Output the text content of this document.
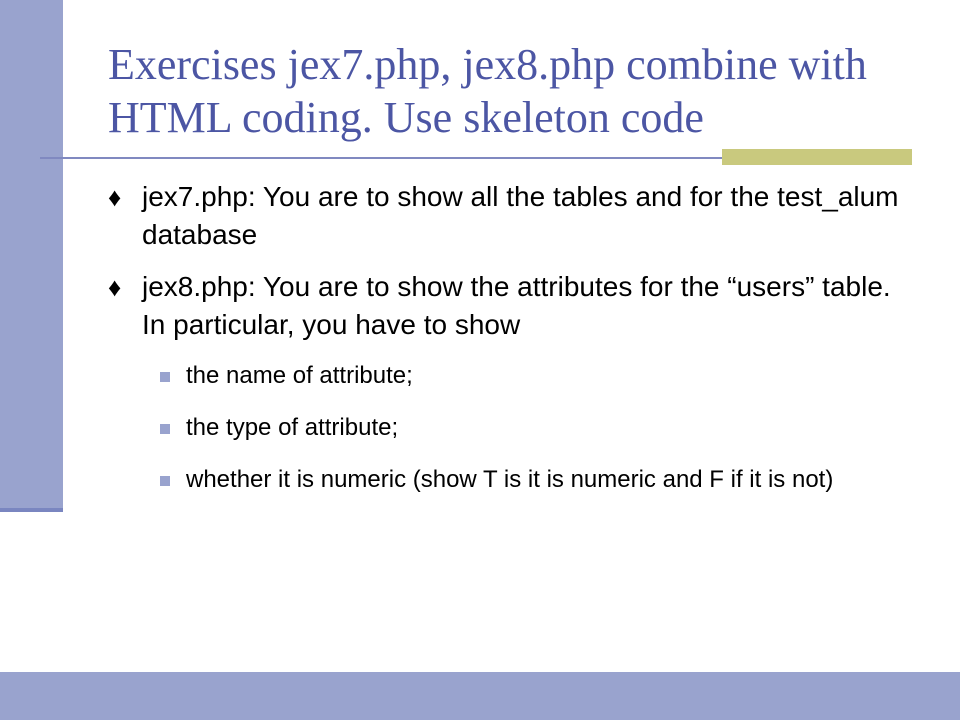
Exercises jex7.php, jex8.php combine with HTML coding. Use skeleton code
♦ jex7.php: You are to show all the tables and for the test_alum database
♦ jex8.php: You are to show the attributes for the “users” table. In particular, you have to show
the name of attribute;
the type of attribute;
whether it is numeric (show T is it is numeric and F if it is not)
